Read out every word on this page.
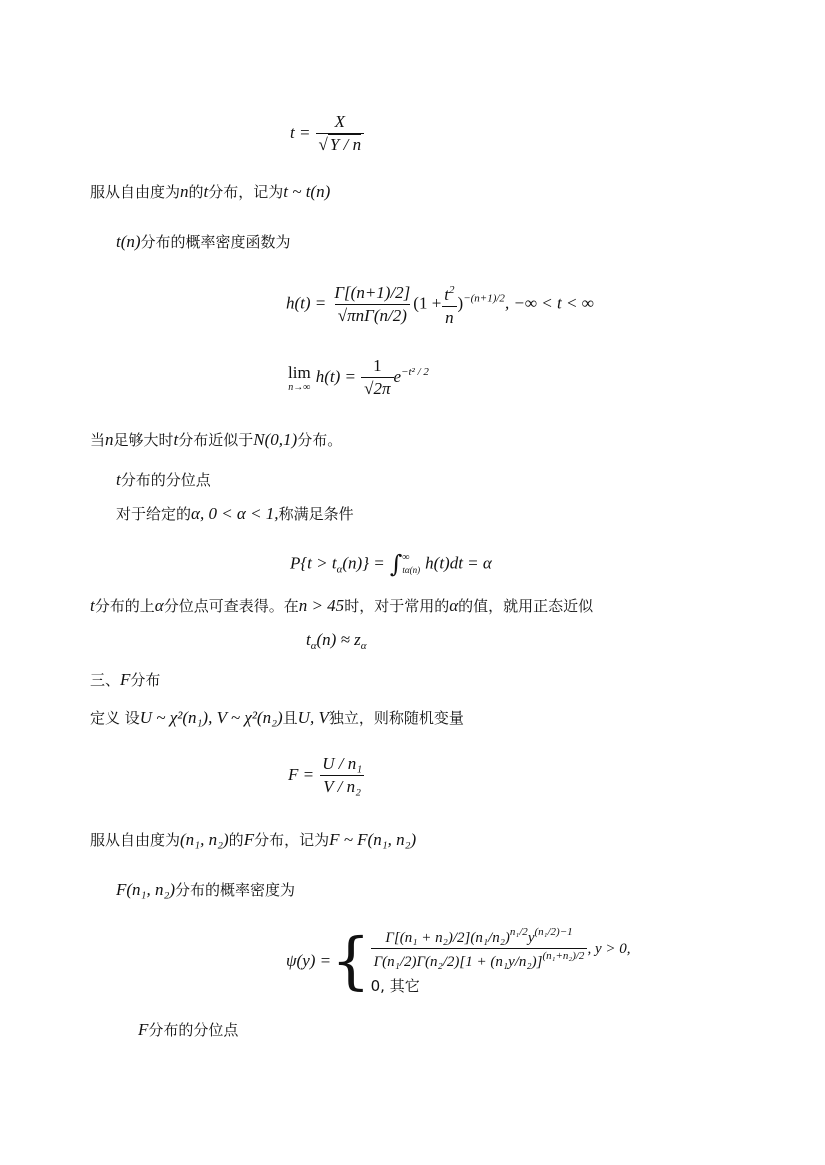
$t = \frac{X}{√ Y / n}$
服从自由度为n的t分布，记为t ~ t(n)
t(n)分布的概率密度函数为
$h(t) = \frac{\Gamma[(n+1)/2]}{\text{√πnΓ(n/2)}} (1 + \frac{t^2}{n} )^{-(n+1)/2}$, −∞ < t < ∞
lim
n→∞
$h(t) = \frac{1}{√2\pi} e^{-t^2 / 2}$
当n足够大时t分布近似于N(0,1)分布。
t分布的分位点
对于给定的α, 0 < α < 1,称满足条件
$P\{t > t_\alpha(n)\}$ = ∫ ∞
tα(n) h(t)dt = α
t分布的上α分位点可查表得。在n > 45时，对于常用的α的值，就用正态近似
$t_\alpha(n) \approx z_\alpha$
三、F分布
定义 设U ~ χ²(n₁), V ~ χ²(n₂)且U, V独立，则称随机变量
$F = \frac{\text{U / n₁}}{\text{V / n₂}}$
服从自由度为(n₁, n₂)的F分布，记为F ~ F(n₁, n₂)
F(n₁, n₂)分布的概率密度为
ψ(y) ={ $\frac{\Gamma[(n_1 + n_2)/2](n_1/n_2)^{n_1/2}y^{(n_1/2)-1}}{\Gamma(n_1/2)\Gamma(n_2/2)[1 + (n_1y/n_2)]^{(n_1+n_2)/2}}$ , y > 0,
0, 其它
F分布的分位点
